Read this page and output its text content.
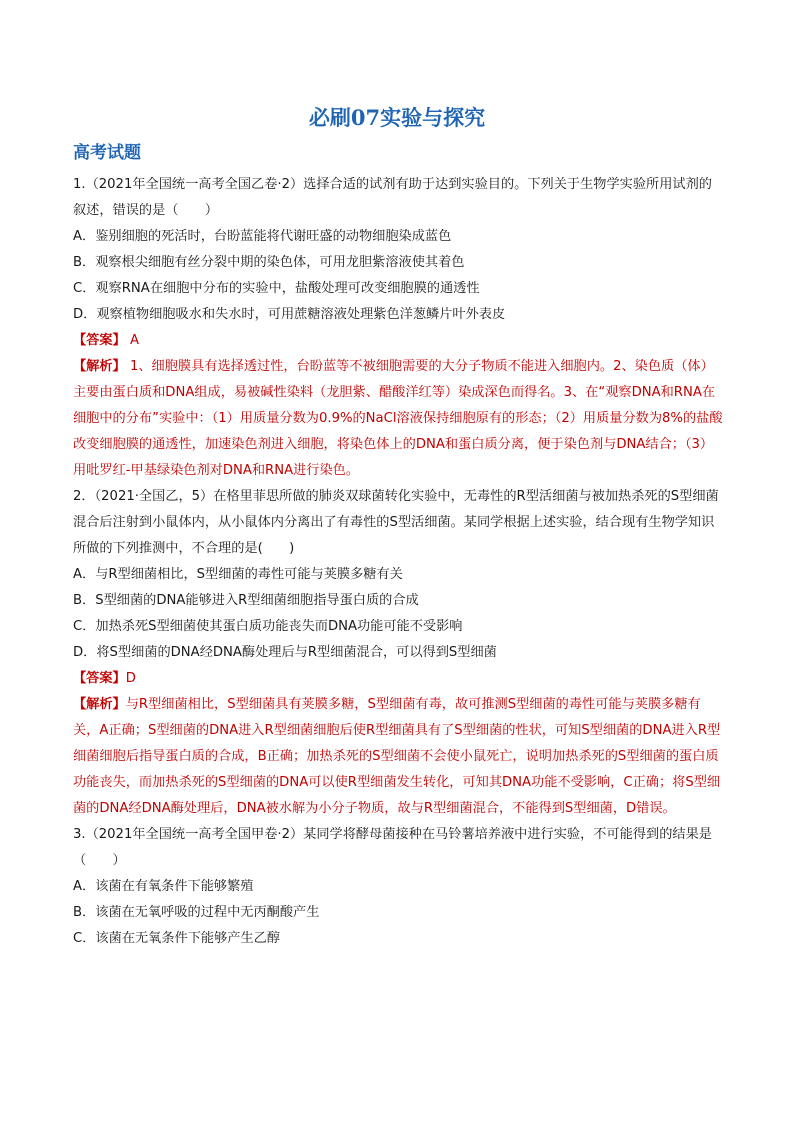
必刷07实验与探究
高考试题

1.（2021年全国统一高考全国乙卷·2）选择合适的试剂有助于达到实验目的。下列关于生物学实验所用试剂的叙述，错误的是（　　）

A．鉴别细胞的死活时，台盼蓝能将代谢旺盛的动物细胞染成蓝色

B．观察根尖细胞有丝分裂中期的染色体，可用龙胆紫溶液使其着色

C．观察RNA在细胞中分布的实验中，盐酸处理可改变细胞膜的通透性

D．观察植物细胞吸水和失水时，可用蔗糖溶液处理紫色洋葱鳞片叶外表皮

【答案】 A

【解析】 1、细胞膜具有选择透过性，台盼蓝等不被细胞需要的大分子物质不能进入细胞内。2、染色质（体）主要由蛋白质和DNA组成，易被碱性染料（龙胆紫、醋酸洋红等）染成深色而得名。3、在“观察DNA和RNA在细胞中的分布”实验中：（1）用质量分数为0.9%的NaCl溶液保持细胞原有的形态；（2）用质量分数为8%的盐酸改变细胞膜的通透性，加速染色剂进入细胞，将染色体上的DNA和蛋白质分离，便于染色剂与DNA结合；（3）用吡罗红-甲基绿染色剂对DNA和RNA进行染色。

2．（2021·全国乙，5）在格里菲思所做的肺炎双球菌转化实验中，无毒性的R型活细菌与被加热杀死的S型细菌混合后注射到小鼠体内，从小鼠体内分离出了有毒性的S型活细菌。某同学根据上述实验，结合现有生物学知识所做的下列推测中，不合理的是(　　)

A．与R型细菌相比，S型细菌的毒性可能与荚膜多糖有关

B．S型细菌的DNA能够进入R型细菌细胞指导蛋白质的合成

C．加热杀死S型细菌使其蛋白质功能丧失而DNA功能可能不受影响

D．将S型细菌的DNA经DNA酶处理后与R型细菌混合，可以得到S型细菌

【答案】D

【解析】与R型细菌相比，S型细菌具有荚膜多糖，S型细菌有毒，故可推测S型细菌的毒性可能与荚膜多糖有关，A正确；S型细菌的DNA进入R型细菌细胞后使R型细菌具有了S型细菌的性状，可知S型细菌的DNA进入R型细菌细胞后指导蛋白质的合成，B正确；加热杀死的S型细菌不会使小鼠死亡，说明加热杀死的S型细菌的蛋白质功能丧失，而加热杀死的S型细菌的DNA可以使R型细菌发生转化，可知其DNA功能不受影响，C正确；将S型细菌的DNA经DNA酶处理后，DNA被水解为小分子物质，故与R型细菌混合，不能得到S型细菌，D错误。

3.（2021年全国统一高考全国甲卷·2）某同学将酵母菌接种在马铃薯培养液中进行实验，不可能得到的结果是（　　）

A．该菌在有氧条件下能够繁殖

B．该菌在无氧呼吸的过程中无丙酮酸产生

C．该菌在无氧条件下能够产生乙醇
